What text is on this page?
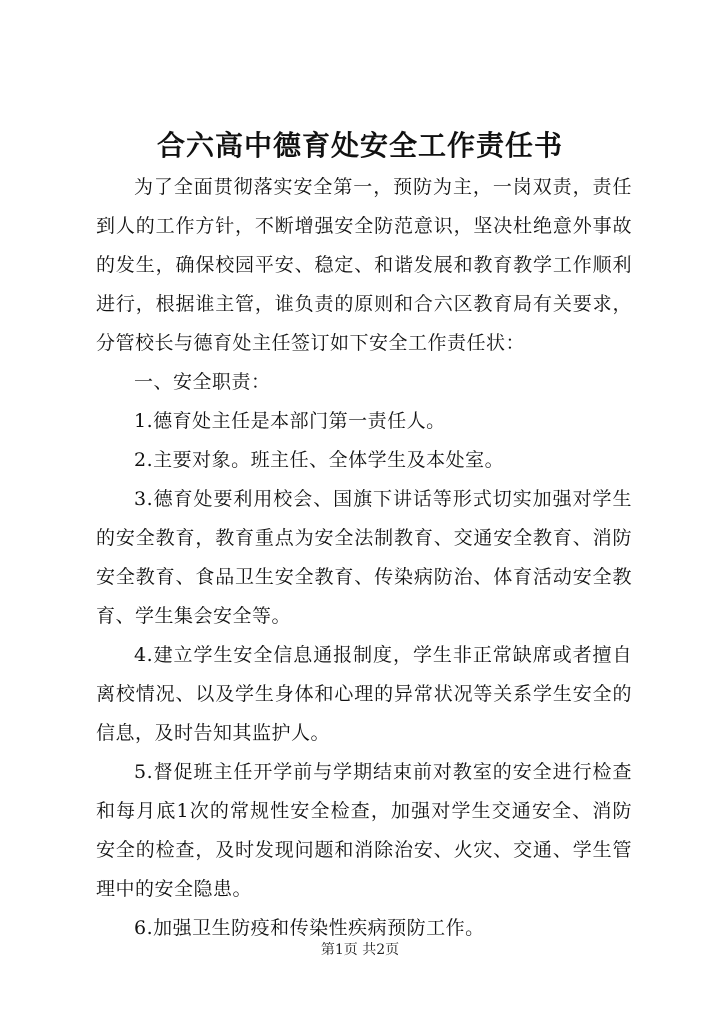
合六高中德育处安全工作责任书

为了全面贯彻落实安全第一，预防为主，一岗双责，责任到人的工作方针，不断增强安全防范意识，坚决杜绝意外事故的发生，确保校园平安、稳定、和谐发展和教育教学工作顺利进行，根据谁主管，谁负责的原则和合六区教育局有关要求，分管校长与德育处主任签订如下安全工作责任状：

一、安全职责：

1.德育处主任是本部门第一责任人。

2.主要对象。班主任、全体学生及本处室。

3.德育处要利用校会、国旗下讲话等形式切实加强对学生的安全教育，教育重点为安全法制教育、交通安全教育、消防安全教育、食品卫生安全教育、传染病防治、体育活动安全教育、学生集会安全等。

4.建立学生安全信息通报制度，学生非正常缺席或者擅自离校情况、以及学生身体和心理的异常状况等关系学生安全的信息，及时告知其监护人。

5.督促班主任开学前与学期结束前对教室的安全进行检查和每月底1次的常规性安全检查，加强对学生交通安全、消防安全的检查，及时发现问题和消除治安、火灾、交通、学生管理中的安全隐患。

6.加强卫生防疫和传染性疾病预防工作。

第1页 共2页
